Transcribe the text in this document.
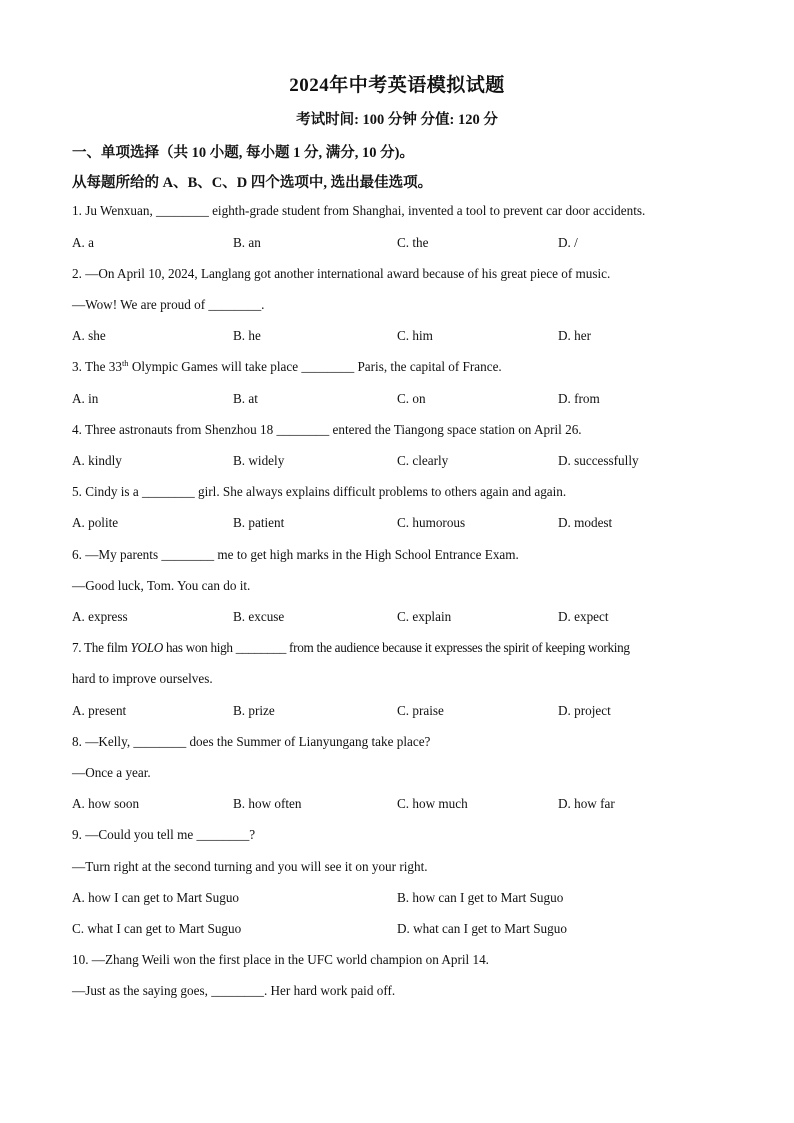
2024年中考英语模拟试题
考试时间: 100 分钟 分值: 120 分
一、单项选择（共 10 小题, 每小题 1 分, 满分, 10 分)。
从每题所给的 A、B、C、D 四个选项中, 选出最佳选项。
1. Ju Wenxuan, ________ eighth-grade student from Shanghai, invented a tool to prevent car door accidents.
A. a	B. an	C. the	D. /
2. —On April 10, 2024, Langlang got another international award because of his great piece of music.
—Wow! We are proud of ________.
A. she	B. he	C. him	D. her
3. The 33th Olympic Games will take place ________ Paris, the capital of France.
A. in	B. at	C. on	D. from
4. Three astronauts from Shenzhou 18 ________ entered the Tiangong space station on April 26.
A. kindly	B. widely	C. clearly	D. successfully
5. Cindy is a ________ girl. She always explains difficult problems to others again and again.
A. polite	B. patient	C. humorous	D. modest
6. —My parents ________ me to get high marks in the High School Entrance Exam.
—Good luck, Tom. You can do it.
A. express	B. excuse	C. explain	D. expect
7. The film YOLO has won high ________ from the audience because it expresses the spirit of keeping working
hard to improve ourselves.
A. present	B. prize	C. praise	D. project
8. —Kelly, ________ does the Summer of Lianyungang take place?
—Once a year.
A. how soon	B. how often	C. how much	D. how far
9. —Could you tell me ________?
—Turn right at the second turning and you will see it on your right.
A. how I can get to Mart Suguo	B. how can I get to Mart Suguo
C. what I can get to Mart Suguo	D. what can I get to Mart Suguo
10. —Zhang Weili won the first place in the UFC world champion on April 14.
—Just as the saying goes, ________. Her hard work paid off.
